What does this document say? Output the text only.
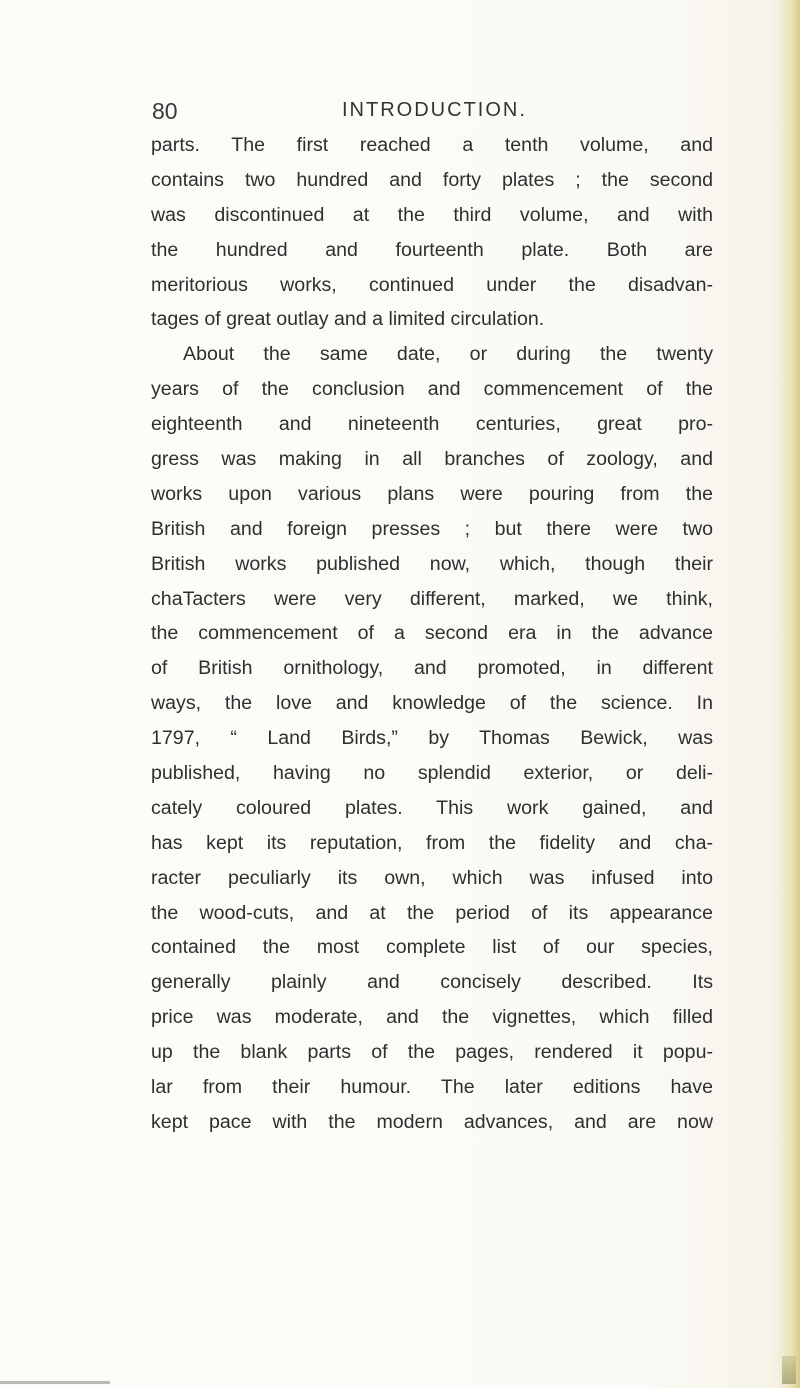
80	INTRODUCTION.
parts. The first reached a tenth volume, and
contains two hundred and forty plates ; the second
was discontinued at the third volume, and with
the hundred and fourteenth plate. Both are
meritorious works, continued under the disadvan-
tages of great outlay and a limited circulation.
About the same date, or during the twenty
years of the conclusion and commencement of the
eighteenth and nineteenth centuries, great pro-
gress was making in all branches of zoology, and
works upon various plans were pouring from the
British and foreign presses ; but there were two
British works published now, which, though their
chaTacters were very different, marked, we think,
the commencement of a second era in the advance
of British ornithology, and promoted, in different
ways, the love and knowledge of the science. In
1797, “ Land Birds,” by Thomas Bewick, was
published, having no splendid exterior, or deli-
cately coloured plates. This work gained, and
has kept its reputation, from the fidelity and cha-
racter peculiarly its own, which was infused into
the wood-cuts, and at the period of its appearance
contained the most complete list of our species,
generally plainly and concisely described. Its
price was moderate, and the vignettes, which filled
up the blank parts of the pages, rendered it popu-
lar from their humour. The later editions have
kept pace with the modern advances, and are now
